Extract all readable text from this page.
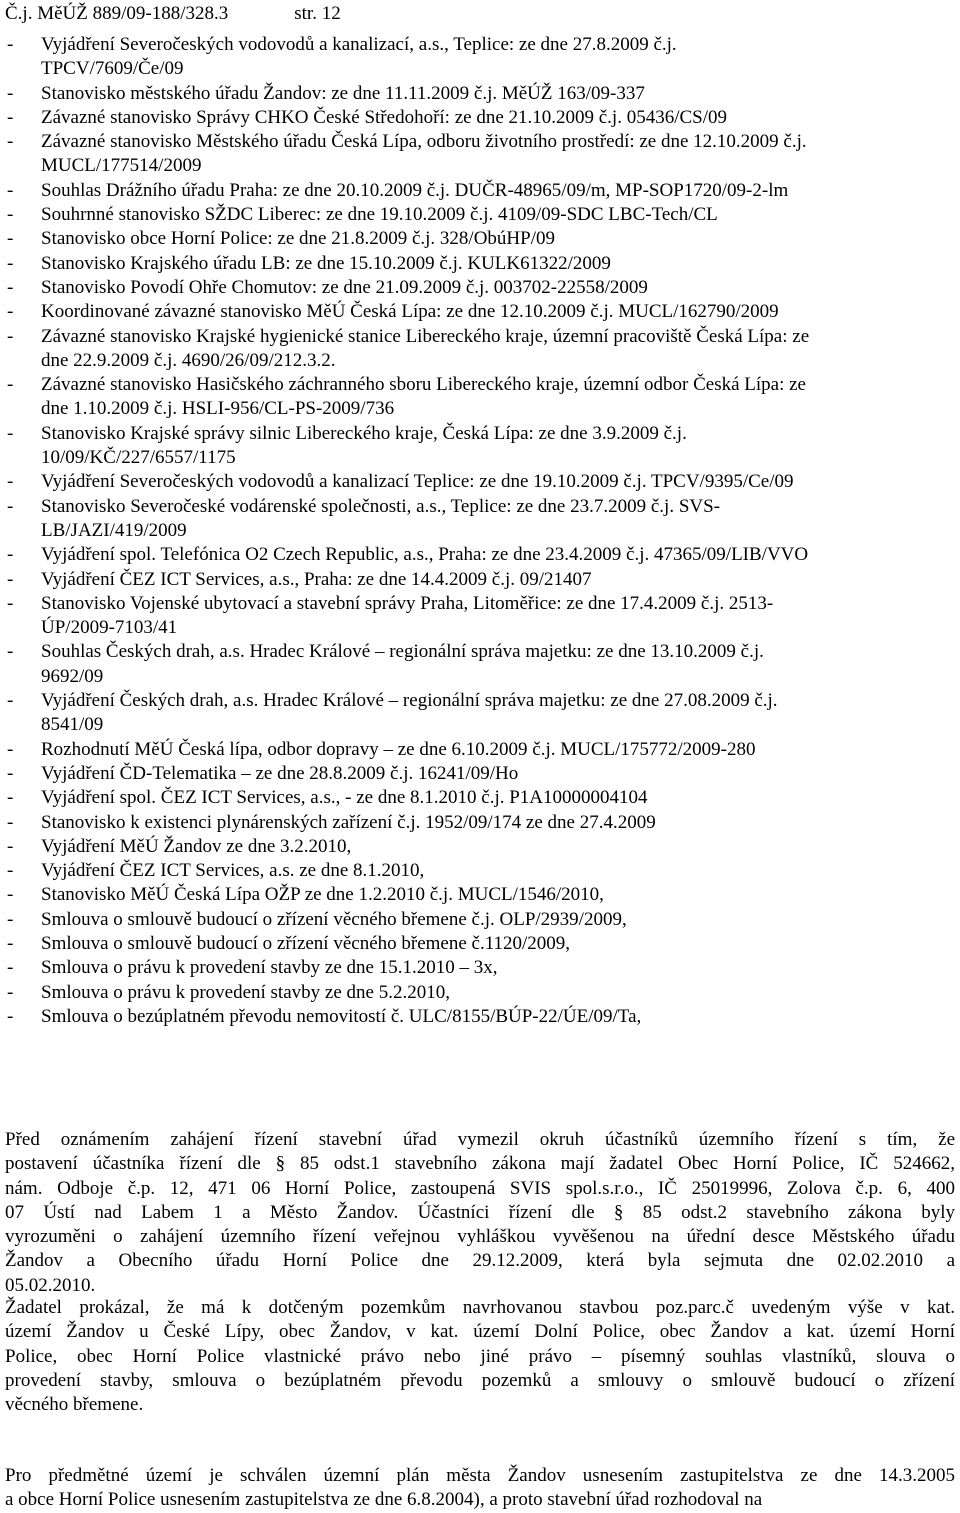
Č.j. MěÚŽ 889/09-188/328.3	str. 12
- Vyjádření Severočeských vodovodů a kanalizací, a.s., Teplice: ze dne 27.8.2009 č.j.
TPCV/7609/Če/09
- Stanovisko městského úřadu Žandov: ze dne 11.11.2009 č.j. MěÚŽ 163/09-337
- Závazné stanovisko Správy CHKO České Středohoří: ze dne 21.10.2009 č.j. 05436/CS/09
- Závazné stanovisko Městského úřadu Česká Lípa, odboru životního prostředí: ze dne 12.10.2009 č.j.
MUCL/177514/2009
- Souhlas Drážního úřadu Praha: ze dne 20.10.2009 č.j. DUČR-48965/09/m, MP-SOP1720/09-2-lm
- Souhrnné stanovisko SŽDC Liberec: ze dne 19.10.2009 č.j. 4109/09-SDC LBC-Tech/CL
- Stanovisko obce Horní Police: ze dne 21.8.2009 č.j. 328/ObúHP/09
- Stanovisko Krajského úřadu LB: ze dne 15.10.2009 č.j. KULK61322/2009
- Stanovisko Povodí Ohře Chomutov: ze dne 21.09.2009 č.j. 003702-22558/2009
- Koordinované závazné stanovisko MěÚ Česká Lípa: ze dne 12.10.2009 č.j. MUCL/162790/2009
- Závazné stanovisko Krajské hygienické stanice Libereckého kraje, územní pracoviště Česká Lípa: ze
dne 22.9.2009 č.j. 4690/26/09/212.3.2.
- Závazné stanovisko Hasičského záchranného sboru Libereckého kraje, územní odbor Česká Lípa: ze
dne 1.10.2009 č.j. HSLI-956/CL-PS-2009/736
- Stanovisko Krajské správy silnic Libereckého kraje, Česká Lípa: ze dne 3.9.2009 č.j.
10/09/KČ/227/6557/1175
- Vyjádření Severočeských vodovodů a kanalizací Teplice: ze dne 19.10.2009 č.j. TPCV/9395/Ce/09
- Stanovisko Severočeské vodárenské společnosti, a.s., Teplice: ze dne 23.7.2009 č.j. SVS-
LB/JAZI/419/2009
- Vyjádření spol. Telefónica O2 Czech Republic, a.s., Praha: ze dne 23.4.2009 č.j. 47365/09/LIB/VVO
- Vyjádření ČEZ ICT Services, a.s., Praha: ze dne 14.4.2009 č.j. 09/21407
- Stanovisko Vojenské ubytovací a stavební správy Praha, Litoměřice: ze dne 17.4.2009 č.j. 2513-
ÚP/2009-7103/41
- Souhlas Českých drah, a.s. Hradec Králové – regionální správa majetku: ze dne 13.10.2009 č.j.
9692/09
- Vyjádření Českých drah, a.s. Hradec Králové – regionální správa majetku: ze dne 27.08.2009 č.j.
8541/09
- Rozhodnutí MěÚ Česká lípa, odbor dopravy – ze dne 6.10.2009 č.j. MUCL/175772/2009-280
- Vyjádření ČD-Telematika – ze dne 28.8.2009 č.j. 16241/09/Ho
- Vyjádření spol. ČEZ ICT Services, a.s., - ze dne 8.1.2010 č.j. P1A10000004104
- Stanovisko k existenci plynárenských zařízení č.j. 1952/09/174 ze dne 27.4.2009
- Vyjádření MěÚ Žandov ze dne 3.2.2010,
- Vyjádření ČEZ ICT Services, a.s. ze dne 8.1.2010,
- Stanovisko MěÚ Česká Lípa OŽP ze dne 1.2.2010 č.j. MUCL/1546/2010,
- Smlouva o smlouvě budoucí o zřízení věcného břemene č.j. OLP/2939/2009,
- Smlouva o smlouvě budoucí o zřízení věcného břemene č.1120/2009,
- Smlouva o právu k provedení stavby ze dne 15.1.2010 – 3x,
- Smlouva o právu k provedení stavby ze dne 5.2.2010,
- Smlouva o bezúplatném převodu nemovitostí č. ULC/8155/BÚP-22/ÚE/09/Ta,
Před oznámením zahájení řízení stavební úřad vymezil okruh účastníků územního řízení s tím, že
postavení účastníka řízení dle § 85 odst.1 stavebního zákona mají žadatel Obec Horní Police, IČ 524662,
nám. Odboje č.p. 12, 471 06 Horní Police, zastoupená SVIS spol.s.r.o., IČ 25019996, Zolova č.p. 6, 400
07 Ústí nad Labem 1 a Město Žandov. Účastníci řízení dle § 85 odst.2 stavebního zákona byly
vyrozuměni o zahájení územního řízení veřejnou vyhláškou vyvěšenou na úřední desce Městského úřadu
Žandov a Obecního úřadu Horní Police dne 29.12.2009, která byla sejmuta dne 02.02.2010 a
05.02.2010.
Žadatel prokázal, že má k dotčeným pozemkům navrhovanou stavbou poz.parc.č uvedeným výše v kat.
území Žandov u České Lípy, obec Žandov, v kat. území Dolní Police, obec Žandov a kat. území Horní
Police, obec Horní Police vlastnické právo nebo jiné právo – písemný souhlas vlastníků, slouva o
provedení stavby, smlouva o bezúplatném převodu pozemků a smlouvy o smlouvě budoucí o zřízení
věcného břemene.
Pro předmětné území je schválen územní plán města Žandov usnesením zastupitelstva ze dne 14.3.2005
a obce Horní Police usnesením zastupitelstva ze dne 6.8.2004), a proto stavební úřad rozhodoval na
